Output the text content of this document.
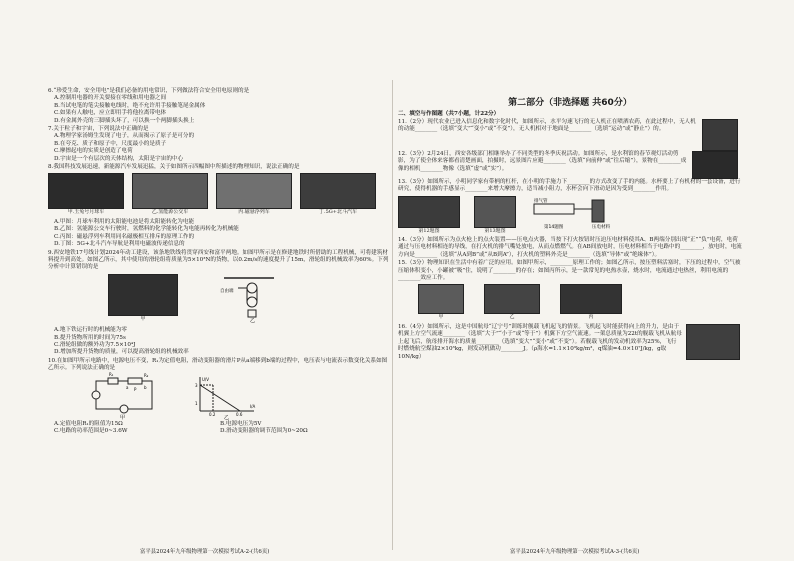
6.“珍爱生命，安全用电”是我们必备的用电常识，下列做法符合安全用电原则的是
A.控制用电器的开关要接在零线和用电器之间
B.当试电笔的笔尖接触电线时，绝不允许用手接触笔尾金属体
C.如果有人触电，应立即用手将他拉离带电体
D.有金属外壳的三脚插头坏了，可以换一个两脚插头换上
7.关于粒子和宇宙，下列说法中正确的是
A.物理学家汤姆生发现了电子，从而揭示了原子是可分的
B.在夸克、质子和原子中，尺度最小的是质子
C.摩擦起电的实质是创造了电荷
D.宇宙是一个有层次的天体结构，太阳是宇宙的中心
8.我国科技发展迅速，新能源汽车发展迅猛，关于如图所示四幅图中所描述的物理知识，说法正确的是
甲.玉兔号月球车	乙.氢能源公交车	丙.磁悬浮列车	丁.5G+北斗汽车
A.甲图：月球车利用的太阳能电池是将太阳能转化为电能
B.乙图：氢能源公交车行驶时，氢燃料的化学能转化为电能再转化为机械能
C.丙图：磁悬浮列车利用同名磁极相互排斥的原理工作的
D.丁图：5G+北斗汽车导航是利用电磁波传递信息的
9.西安地铁17号线计划2024年动工建设，该条地铁线将贯穿西安和富平两地。如图甲所示是在修建地铁时所借助的工程机械，可将建筑材料提升到高处。如图乙所示，其中使用的滑轮组将质量为5×10³N的货物，以0.2m/s的速度提升了15m，滑轮组的机械效率为60%。下列分析中计算错误的是
甲
自由端
乙
A.地下铁运行时的机械能为零
B.提升货物所用的时间为75s
C.滑轮组做的额外功为7.5×10⁴J
D.增加所提升货物的质量，可以提高滑轮组的机械效率
10.在如图甲所示电路中，电源电压不变，R₁为定值电阻，滑动变阻器的滑片P从a端移到b端的过程中，电压表与电流表示数变化关系如图乙所示。下列说法正确的是
R₁	R₂
P
a	b
甲
U/V
I/A
3
1
0.2	0.6
乙
A.定值电阻R₁的阻值为15Ω	B.电源电压为5V
C.电路的功率范围是0~3.6W	D.滑动变阻器的调节范围为0~20Ω
富平县2024年九年级物理第一次模拟考试A-2-(共6页)
第二部分（非选择题 共60分）
二、填空与作图题（共7小题，计22分）
11.（2分）现代农业已进入信息化和数字化时代，如图所示，水平匀速飞行的无人机正在喷洒农药，在此过程中，无人机的动能________（选填“变大”“变小”或“不变”），无人机相对于地面是________（选填“运动”或“静止”）的。
12.（3分）2月24日，西安各级部门相继举办了不同类型的冬季庆祝活动。如图所示，是水利馆的春节观灯活动剪影，为了使全体来客都看清楚画面，拍摄时，远景图片应避________（选填“向前伸”或“往后缩”），景物在________成像的相机________物像（选填“虚”或“实”）。
13.（3分）如图所示，小明同学家有带柄的杠杆，在小明的手施力下________的方式改变了手的内能。水杯要上了有机材的一套设备，进行研究，使得机器的手感显示________来增大摩擦力，适当减小阻力，水杯会向下滑动是因为受到________作用。
第12题图	第13题图
排气管
压电材料
第14题图
14.（3分）如图所示为点火枪上的点火装置——压电点火器，当按下打火按钮时压迫压电材料使其A、B两端分别出现“正”“负”电荷，电荷通过与压电材料相连的导线，在打火机的排气嘴处放电，从而点燃燃气。在AB间放电时，压电材料相当于电路中的________，放电时，电流方向是________（选填“从A到B”或“从B到A”），打火机的塑料外壳是________（选填“导体”或“绝缘体”）。
15.（3分）物理知识在生活中有着广泛的应用。如图甲所示，________原理工作的；如图乙所示，按压塑料活塞时，下压的过程中，空气被压缩体积变小，小罐被“吸”住，说明了________的存在；如图丙所示，是一款常见的电热水壶，烧水时，电流通过电热丝，利用电流的________效应工作。
甲	乙	丙
16.（4分）如图所示，这是中国航母“辽宁号”训练时舰载飞机起飞的情景。飞机起飞时能获得向上的升力，是由于机翼上方空气流速________（选填“大于”“小于”或“等于”）机翼下方空气流速。一架总质量为22t的舰载飞机从航母上起飞后，航母排开海水的质量________（选填“变大”“变小”或“不变”）。若舰载飞机的发动机效率为25%，飞行时燃烧航空煤油2×10³kg，则发动机做功________J。（ρ海水=1.1×10³kg/m³，q煤油=4.0×10⁷J/kg，g取10N/kg）
富平县2024年九年级物理第一次模拟考试A-3-(共6页)
